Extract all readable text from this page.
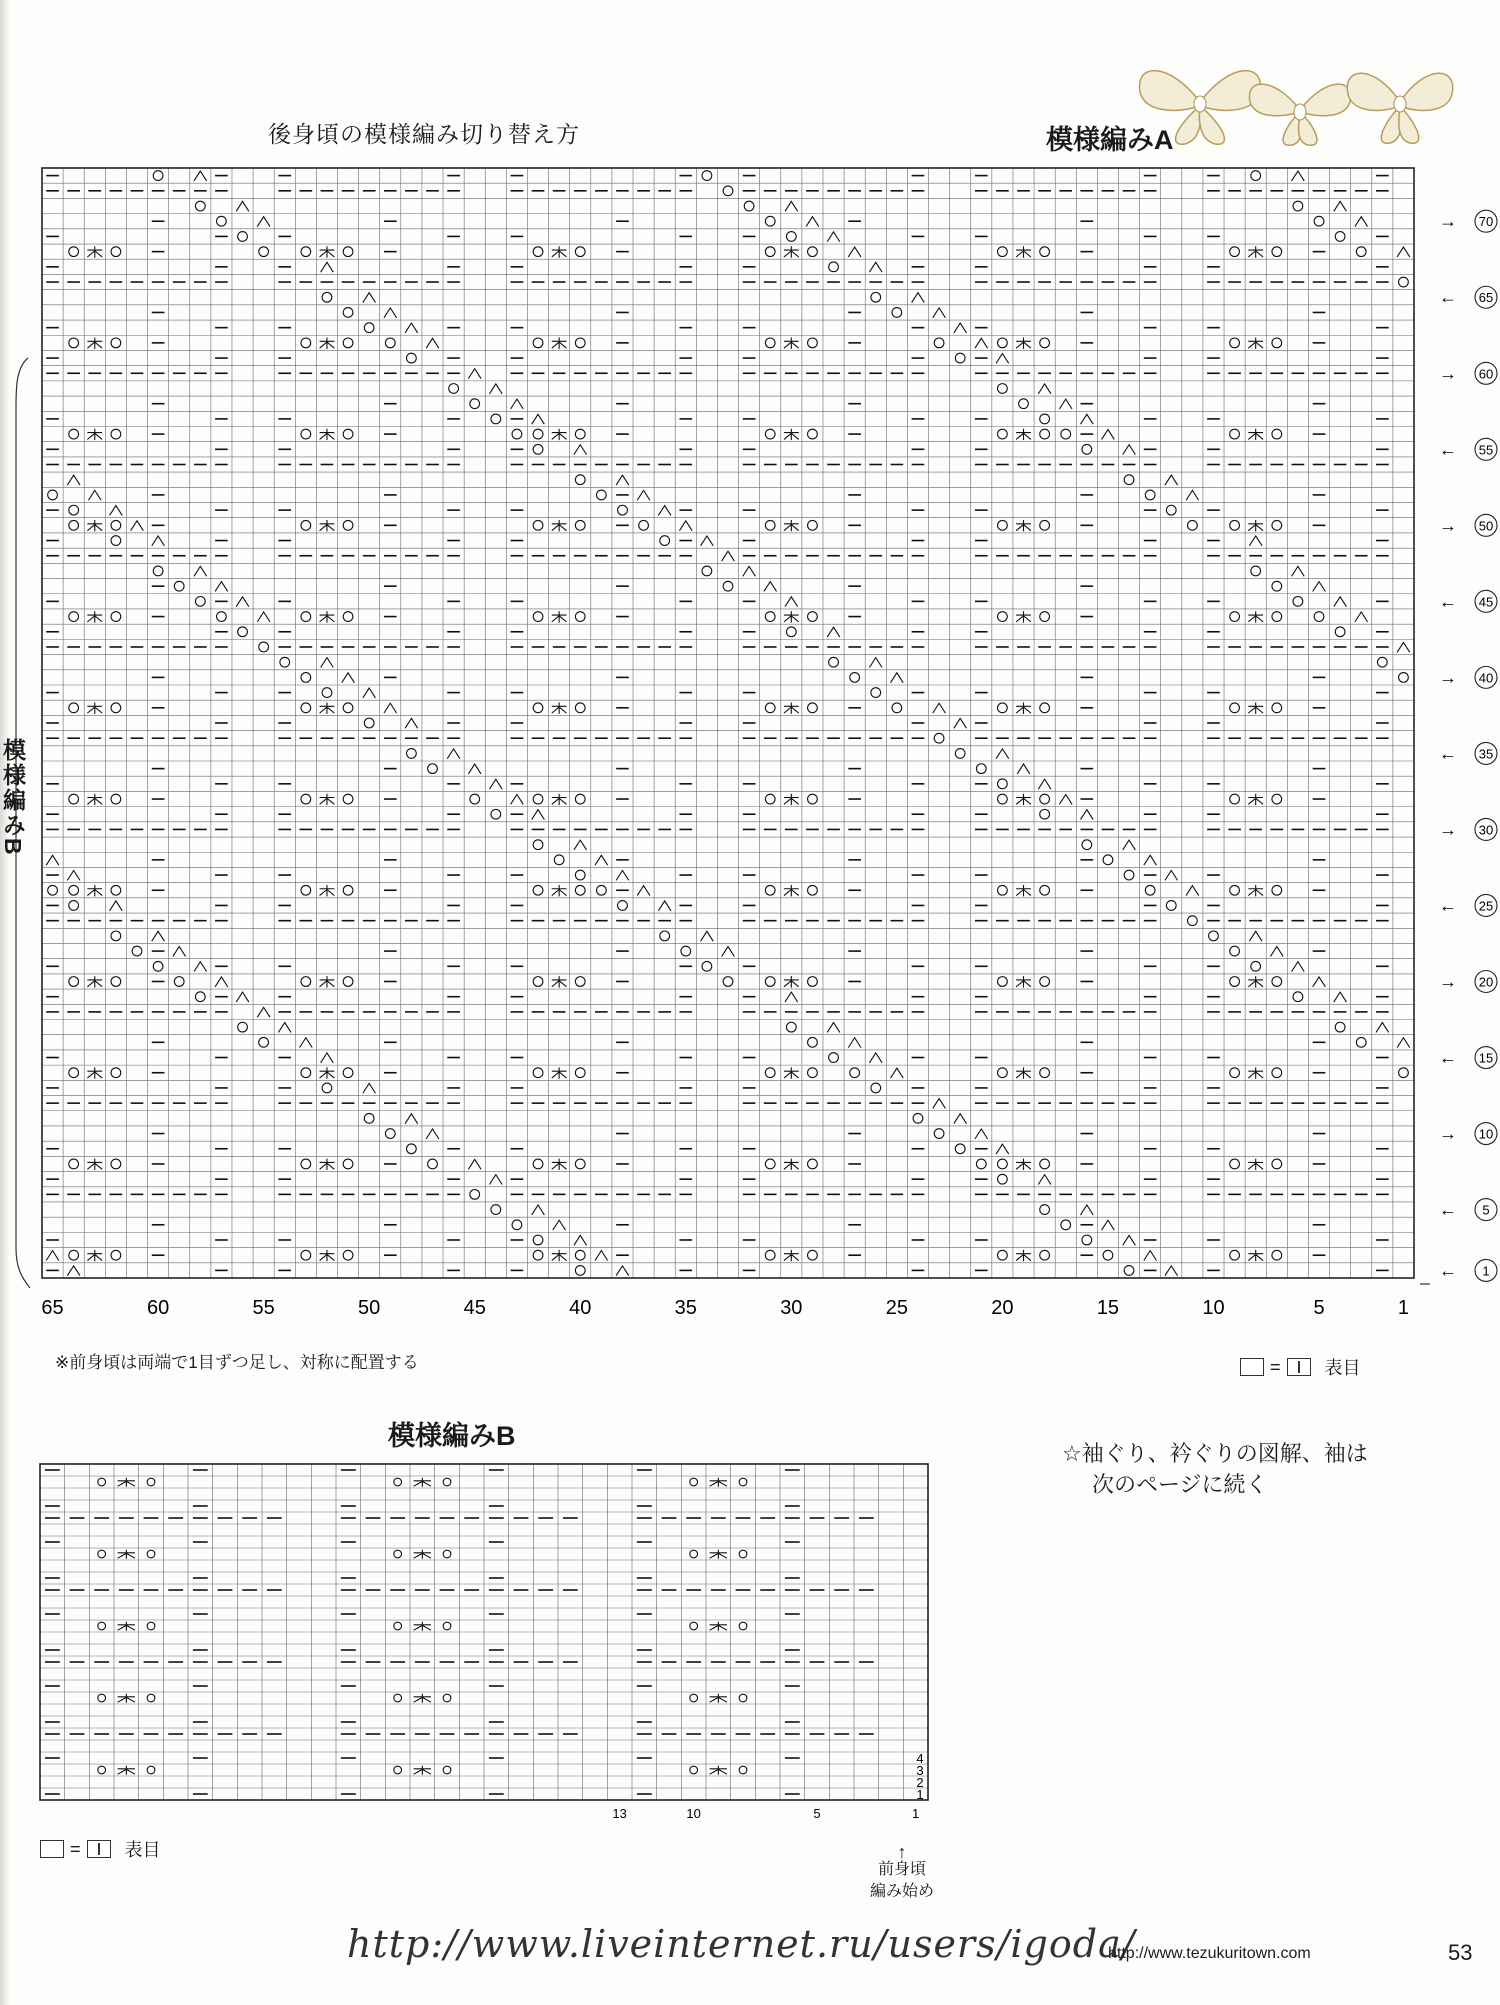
後身頃の模様編み切り替え方	模様編みA
65	60	55	50	45	40	35	30	25	20	15	10	5	1
→ 70
← 65
→ 60
← 55
→ 50
← 45
→ 40
← 35
→ 30
← 25
→ 20
← 15
→ 10
← 5
← 1
模様編みB
※前身頃は両端で1目ずつ足し、対称に配置する	= 表目
模様編みB
13	10	5	1
4
3
2
1
= 表目	↑
前身頃
編み始め
☆袖ぐり、衿ぐりの図解、袖は
次のページに続く
http://www.liveinternet.ru/users/igoda/
http://www.tezukuritown.com	53
